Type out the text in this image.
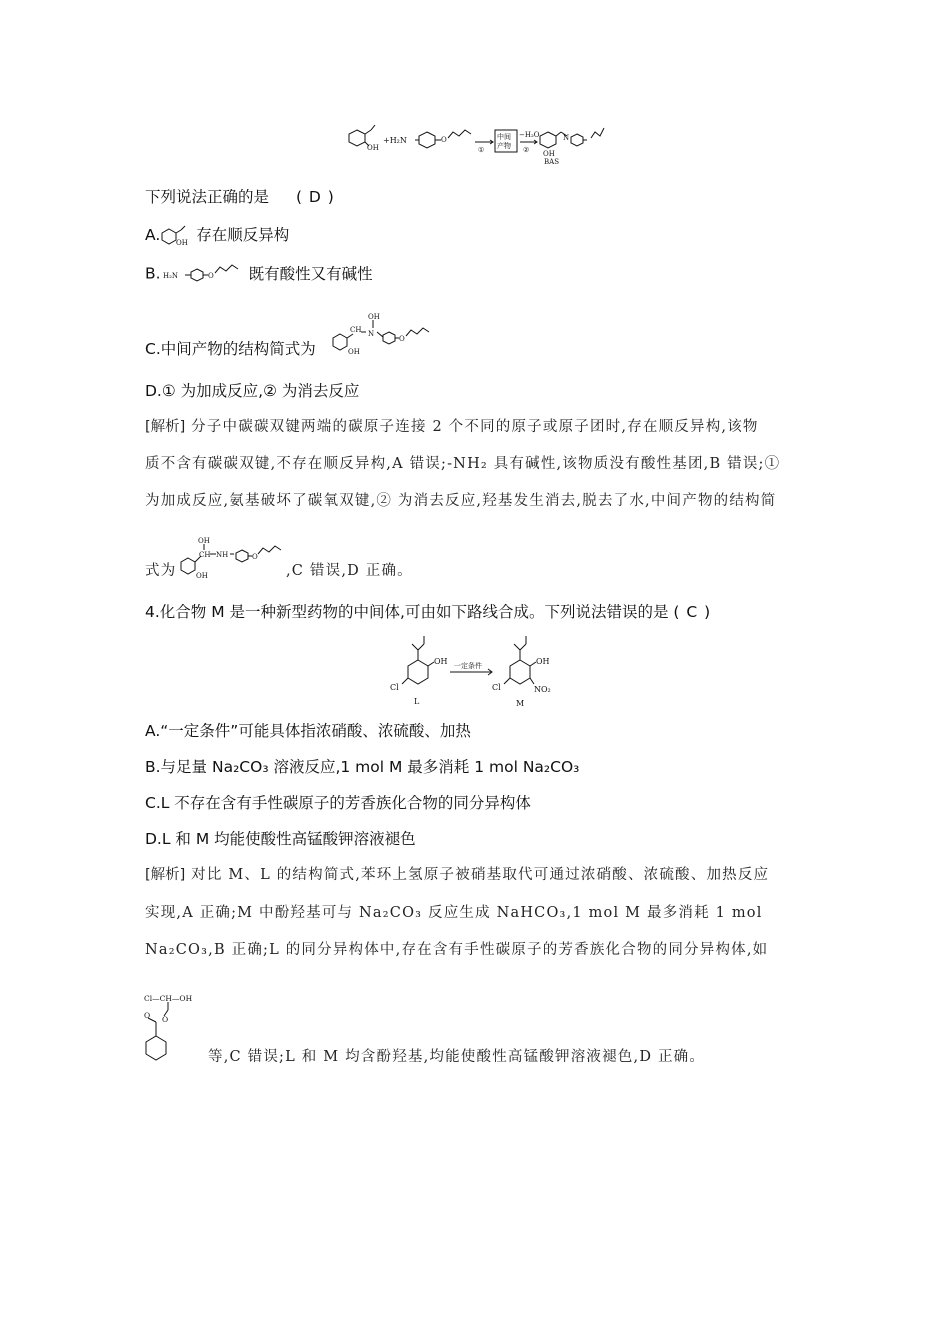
OH
+H₂N	O
①
中间
产物
−H₂O
②
N
OH
BAS
下列说法正确的是 ( D )
A. OH 存在顺反异构
B. H₂N	O 既有酸性又有碱性
C.中间产物的结构简式为
CH N
OH
OH
O
D.① 为加成反应,② 为消去反应
[解析] 分子中碳碳双键两端的碳原子连接 2 个不同的原子或原子团时,存在顺反异构,该物
质不含有碳碳双键,不存在顺反异构,A 错误;-NH₂ 具有碱性,该物质没有酸性基团,B 错误;①
为加成反应,氨基破坏了碳氧双键,② 为消去反应,羟基发生消去,脱去了水,中间产物的结构简
式为
OH
CH NH	O
OH	,C 错误,D 正确。
4.化合物 M 是一种新型药物的中间体,可由如下路线合成。下列说法错误的是 ( C )
OH
Cl
L
一定条件	OH
Cl	NO₂
M
A.“一定条件”可能具体指浓硝酸、浓硫酸、加热
B.与足量 Na₂CO₃ 溶液反应,1 mol M 最多消耗 1 mol Na₂CO₃
C.L 不存在含有手性碳原子的芳香族化合物的同分异构体
D.L 和 M 均能使酸性高锰酸钾溶液褪色
[解析] 对比 M、L 的结构简式,苯环上氢原子被硝基取代可通过浓硝酸、浓硫酸、加热反应
实现,A 正确;M 中酚羟基可与 Na₂CO₃ 反应生成 NaHCO₃,1 mol M 最多消耗 1 mol
Na₂CO₃,B 正确;L 的同分异构体中,存在含有手性碳原子的芳香族化合物的同分异构体,如
Cl—CH—OH
O
O
等,C 错误;L 和 M 均含酚羟基,均能使酸性高锰酸钾溶液褪色,D 正确。
